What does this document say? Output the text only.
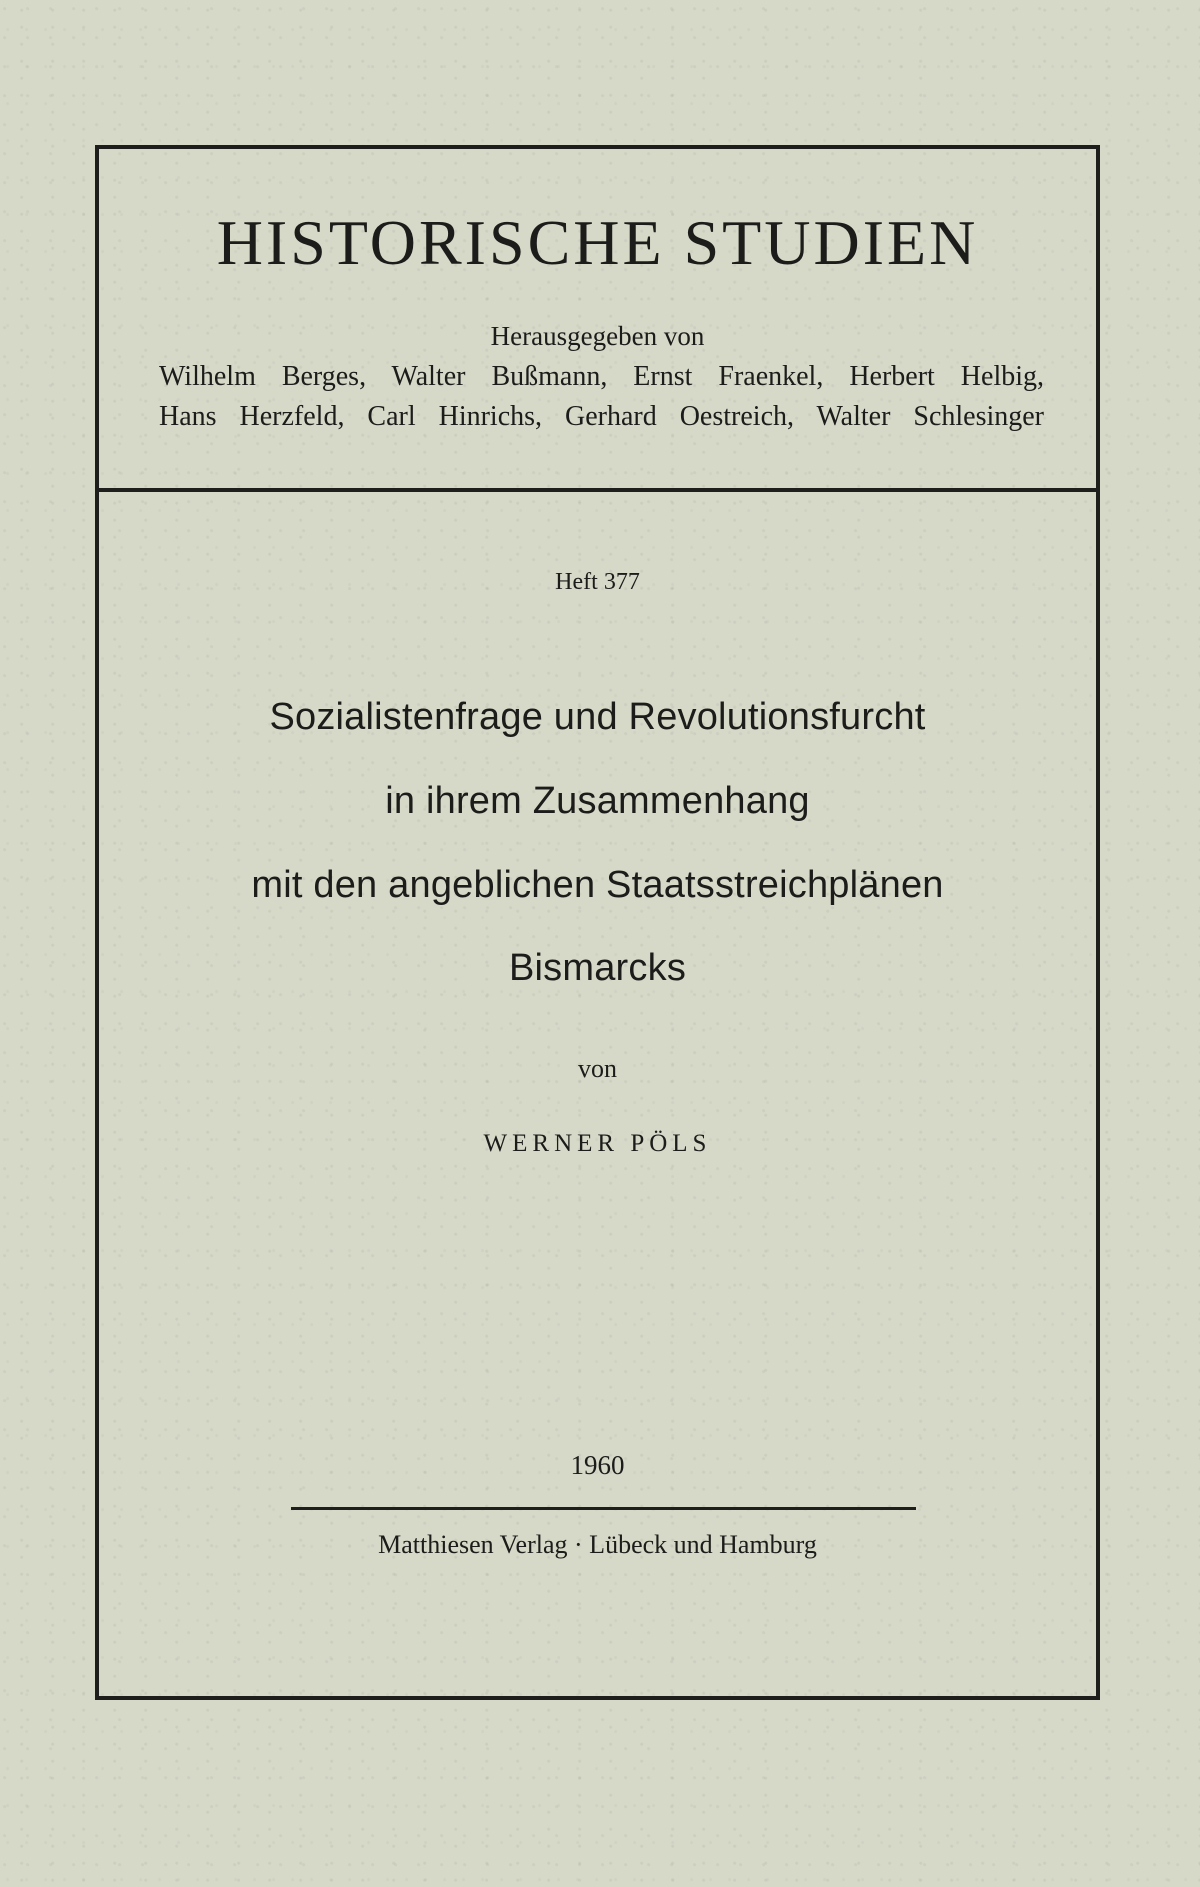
HISTORISCHE STUDIEN
Herausgegeben von
Wilhelm Berges, Walter Bußmann, Ernst Fraenkel, Herbert Helbig,
Hans Herzfeld, Carl Hinrichs, Gerhard Oestreich, Walter Schlesinger
Heft 377
Sozialistenfrage und Revolutionsfurcht
in ihrem Zusammenhang
mit den angeblichen Staatsstreichplänen
Bismarcks
von
WERNER PÖLS
1960
Matthiesen Verlag · Lübeck und Hamburg
